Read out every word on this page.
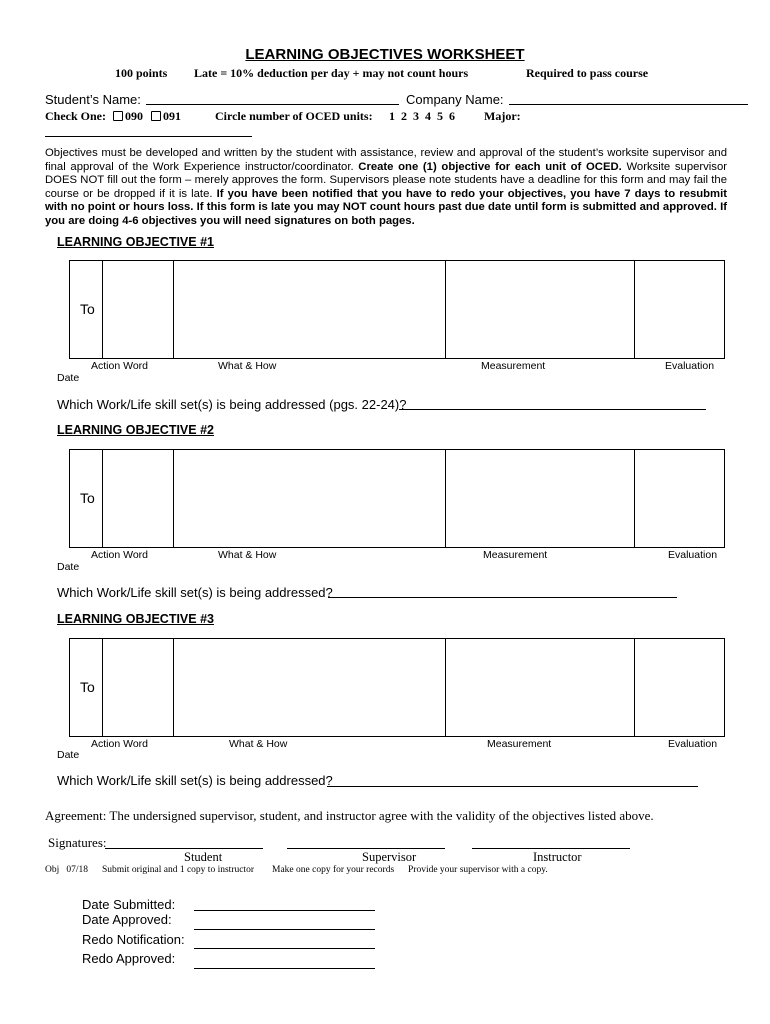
LEARNING OBJECTIVES WORKSHEET
100 points Late = 10% deduction per day + may not count hours	Required to pass course
Student’s Name:	Company Name:
Check One: 090 091	Circle number of OCED units: 1 2 3 4 5 6 Major:
Objectives must be developed and written by the student with assistance, review and approval of the student’s worksite supervisor and final approval of the Work Experience instructor/coordinator. Create one (1) objective for each unit of OCED. Worksite supervisor DOES NOT fill out the form – merely approves the form. Supervisors please note students have a deadline for this form and may fail the course or be dropped if it is late. If you have been notified that you have to redo your objectives, you have 7 days to resubmit with no point or hours loss. If this form is late you may NOT count hours past due date until form is submitted and approved. If you are doing 4-6 objectives you will need signatures on both pages.
LEARNING OBJECTIVE #1
To
Action Word	What & How	Measurement	Evaluation
Date
Which Work/Life skill set(s) is being addressed (pgs. 22-24)?
LEARNING OBJECTIVE #2
To
Action Word	What & How	Measurement	Evaluation
Date
Which Work/Life skill set(s) is being addressed?
LEARNING OBJECTIVE #3
To
Action Word	What & How	Measurement	Evaluation
Date
Which Work/Life skill set(s) is being addressed?
Agreement: The undersigned supervisor, student, and instructor agree with the validity of the objectives listed above.
Signatures:
Student	Supervisor	Instructor
Obj   07/18 Submit original and 1 copy to instructor Make one copy for your records Provide your supervisor with a copy.
Date Submitted:
Date Approved:
Redo Notification:
Redo Approved:
